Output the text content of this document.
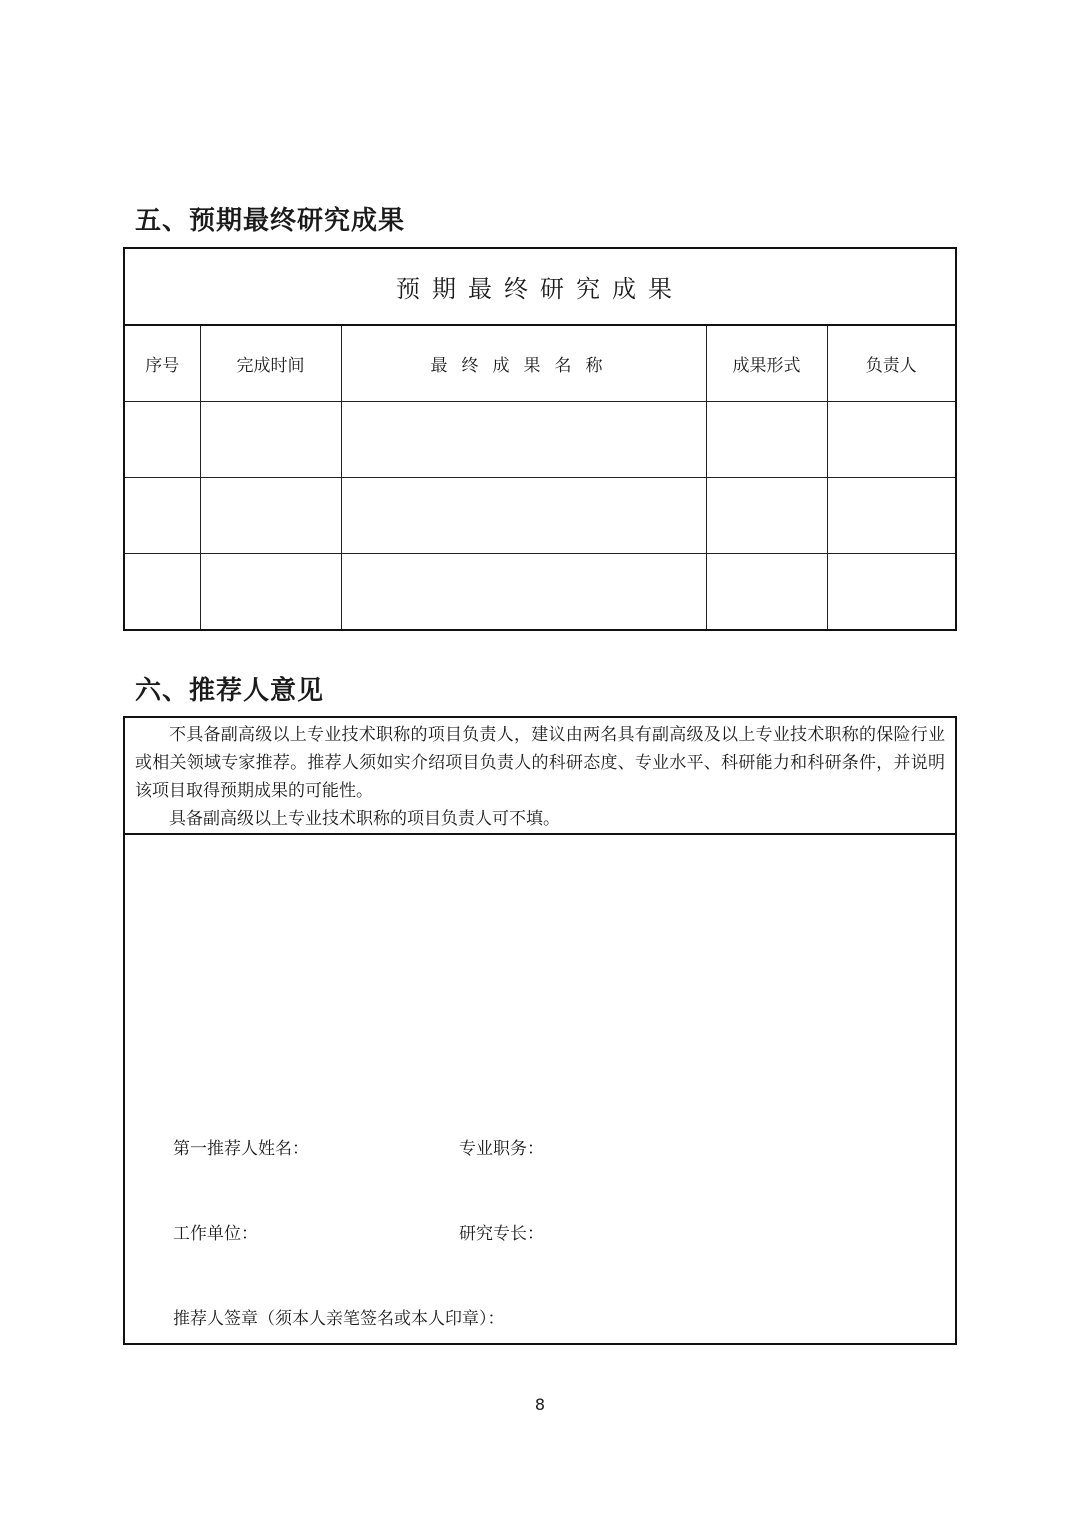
五、预期最终研究成果
预期最终研究成果
序号	完成时间	最终成果名称	成果形式	负责人

六、推荐人意见

不具备副高级以上专业技术职称的项目负责人，建议由两名具有副高级及以上专业技术职称的保险行业或相关领域专家推荐。推荐人须如实介绍项目负责人的科研态度、专业水平、科研能力和科研条件，并说明该项目取得预期成果的可能性。

具备副高级以上专业技术职称的项目负责人可不填。

第一推荐人姓名：	专业职务：
工作单位：	研究专长：
推荐人签章（须本人亲笔签名或本人印章）：
8
